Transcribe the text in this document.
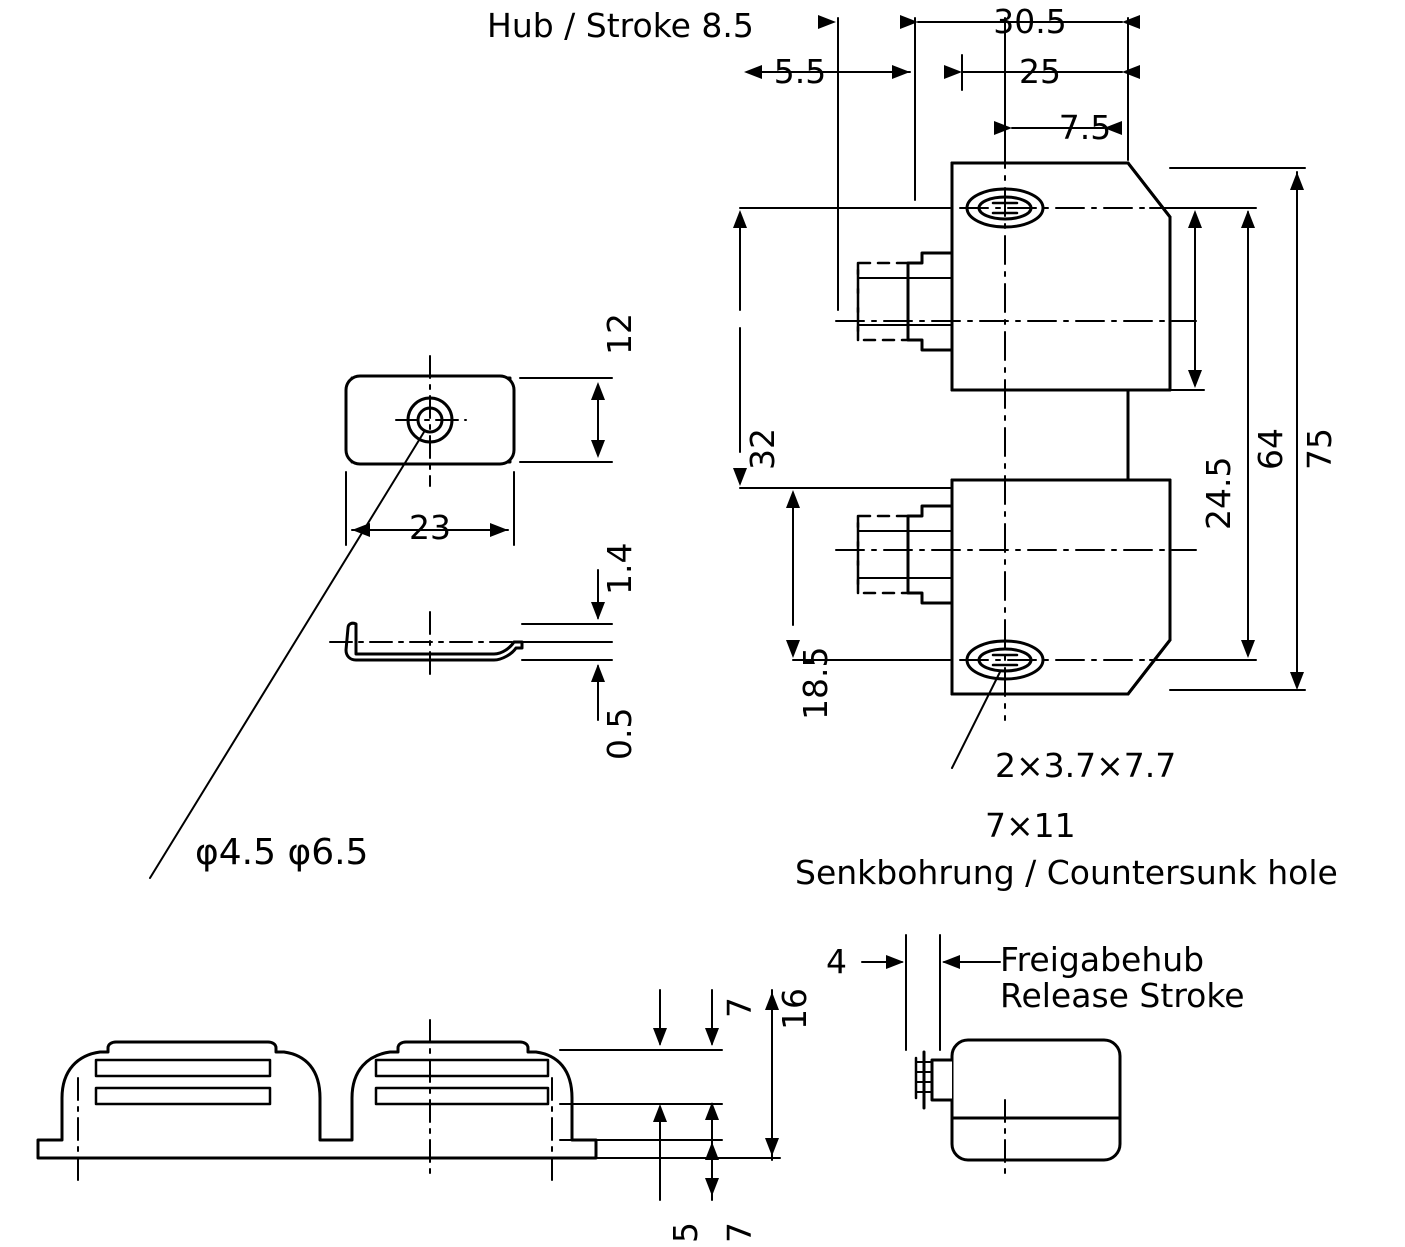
Hub / Stroke 8.5	30.5
5.5	25
7.5
75
64
24.5
32
18.5
12
23
1.4
0.5
φ4.5 φ6.5
2×3.7×7.7
7×11
Senkbohrung / Countersunk hole
Freigabehub
Release Stroke
4
16
7
7
5
